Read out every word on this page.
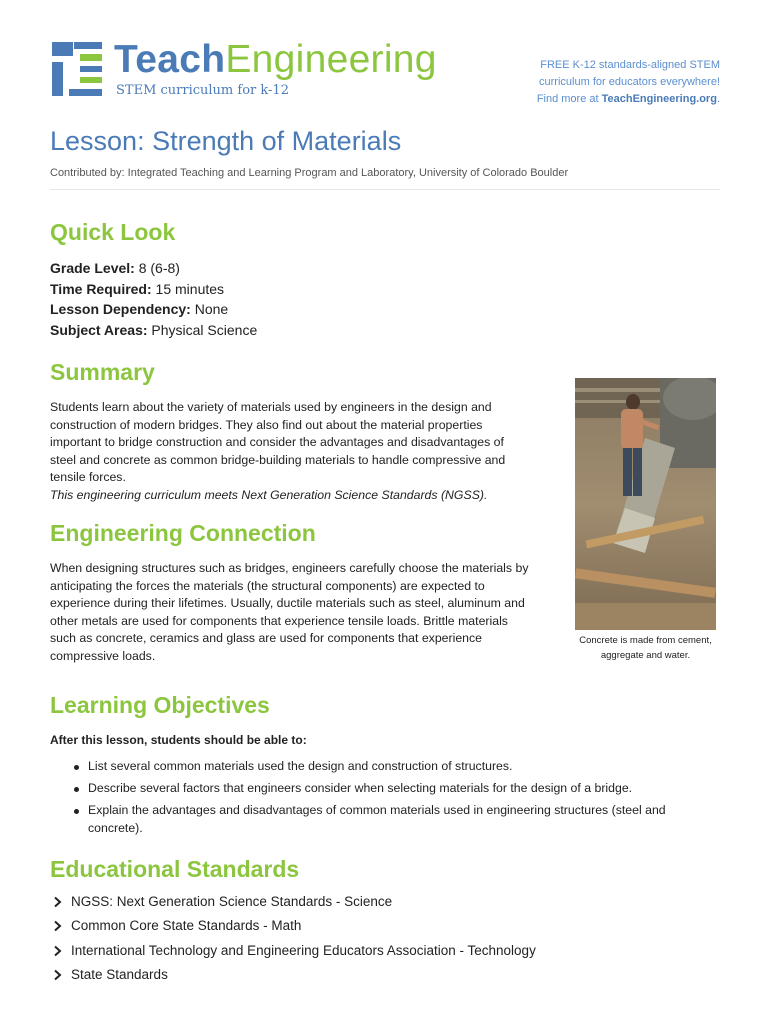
TeachEngineering
STEM curriculum for k-12
FREE K-12 standards-aligned STEM
curriculum for educators everywhere!
Find more at TeachEngineering.org.
Lesson: Strength of Materials
Contributed by: Integrated Teaching and Learning Program and Laboratory, University of Colorado Boulder
Quick Look
Grade Level: 8 (6-8)
Time Required: 15 minutes
Lesson Dependency: None
Subject Areas: Physical Science
Summary
Students learn about the variety of materials used by engineers in the design and
construction of modern bridges. They also find out about the material properties
important to bridge construction and consider the advantages and disadvantages of
steel and concrete as common bridge-building materials to handle compressive and
tensile forces.
This engineering curriculum meets Next Generation Science Standards (NGSS).
Concrete is made from cement,
aggregate and water.
Engineering Connection
When designing structures such as bridges, engineers carefully choose the materials by
anticipating the forces the materials (the structural components) are expected to
experience during their lifetimes. Usually, ductile materials such as steel, aluminum and
other metals are used for components that experience tensile loads. Brittle materials
such as concrete, ceramics and glass are used for components that experience
compressive loads.
Learning Objectives
After this lesson, students should be able to:
List several common materials used the design and construction of structures.
Describe several factors that engineers consider when selecting materials for the design of a bridge.
Explain the advantages and disadvantages of common materials used in engineering structures (steel and concrete).
Educational Standards
NGSS: Next Generation Science Standards - Science
Common Core State Standards - Math
International Technology and Engineering Educators Association - Technology
State Standards
